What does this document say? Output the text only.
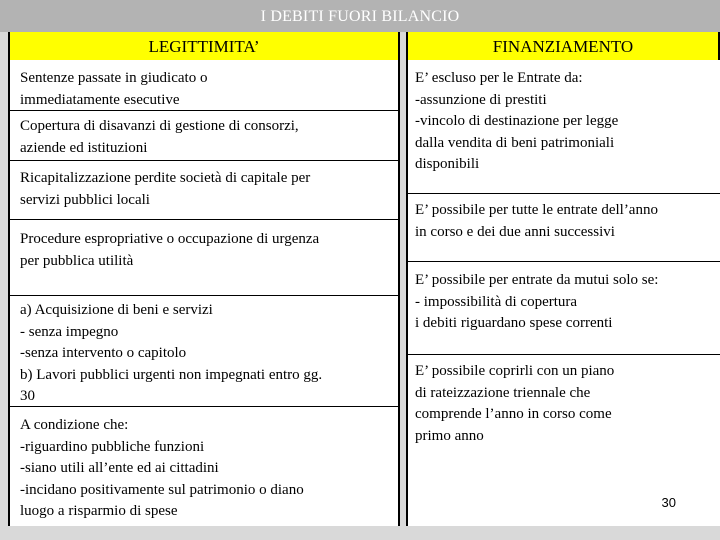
I DEBITI FUORI BILANCIO
LEGITTIMITA’	FINANZIAMENTO
Sentenze passate in giudicato o
immediatamente esecutive
Copertura di disavanzi di gestione di consorzi,
aziende ed istituzioni
Ricapitalizzazione perdite società di capitale per
servizi pubblici locali
Procedure espropriative o occupazione di urgenza
per pubblica utilità
a) Acquisizione di beni e servizi
- senza impegno
-senza intervento o capitolo
b) Lavori pubblici urgenti non impegnati entro gg.
30
A condizione che:
-riguardino pubbliche funzioni
-siano utili all’ente ed ai cittadini
-incidano positivamente sul patrimonio o diano
luogo a risparmio di spese
E’ escluso per le Entrate da:
-assunzione di prestiti
-vincolo di destinazione per legge
dalla vendita di beni patrimoniali
disponibili
E’ possibile per tutte le entrate dell’anno
in corso e dei due anni successivi
E’ possibile per entrate da mutui solo se:
- impossibilità di copertura
i debiti riguardano spese correnti
E’ possibile coprirli con un piano
di rateizzazione triennale che
comprende l’anno in corso come
primo anno
30
